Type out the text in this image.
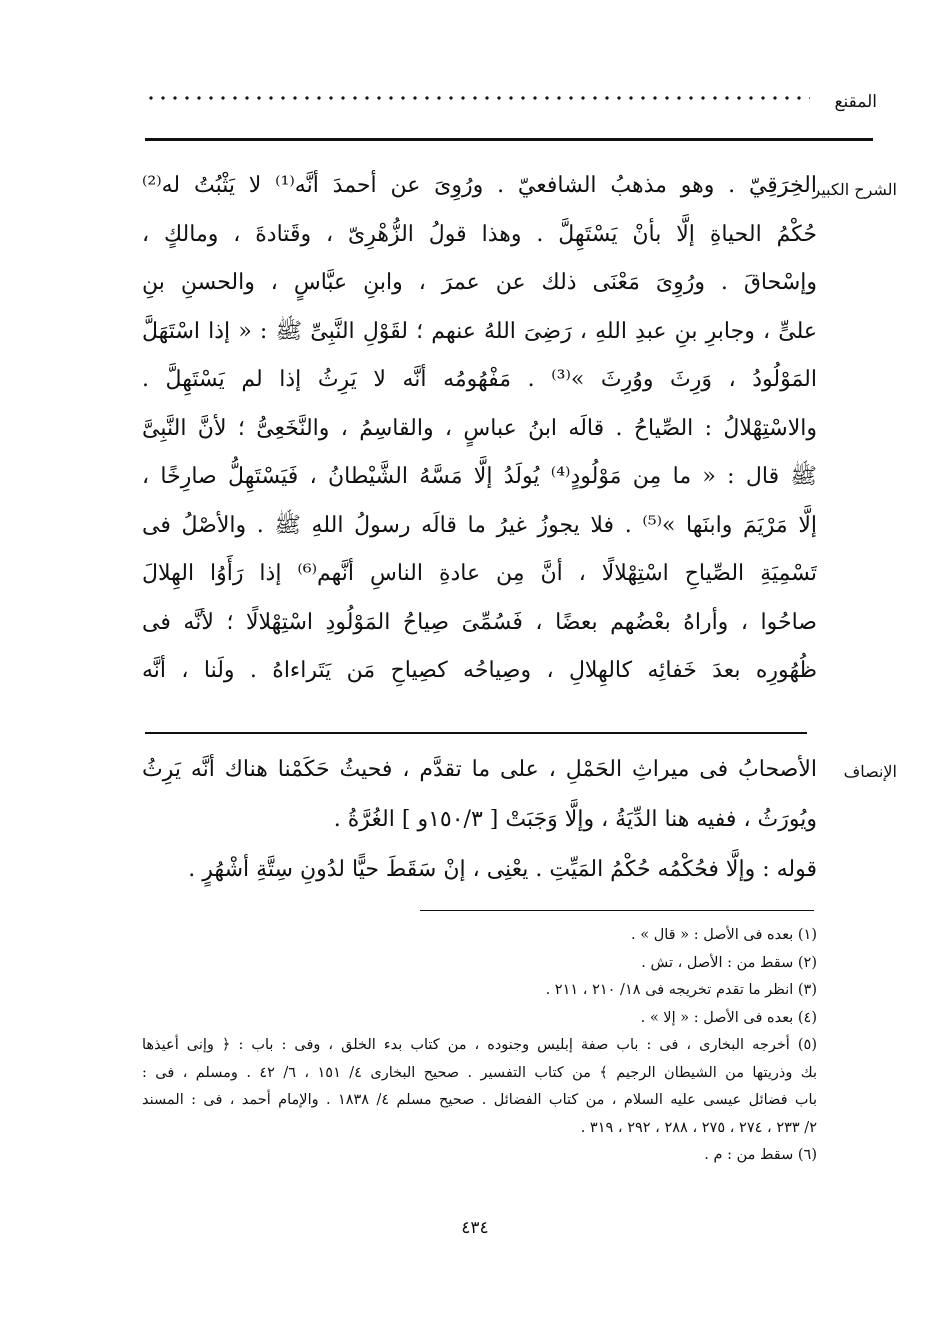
المقنع
الشرح الكبير
الخِرَقِيّ . وهو مذهبُ الشافعيّ . ورُوِىَ عن أحمدَ أنَّه⁽¹⁾ لا يَثْبُتُ له⁽²⁾
حُكْمُ الحياةِ إلَّا بأنْ يَسْتَهِلَّ . وهذا قولُ الزُّهْرِىّ ، وقَتادةَ ، ومالكٍ ،
وإسْحاقَ . ورُوِىَ مَعْنَى ذلك عن عمرَ ، وابنِ عبَّاسٍ ، والحسنِ بنِ
علىٍّ ، وجابرِ بنِ عبدِ اللهِ ، رَضِىَ اللهُ عنهم ؛ لقَوْلِ النَّبِىِّ ﷺ : « إذا اسْتَهَلَّ
المَوْلُودُ ، وَرِثَ ووُرِثَ »⁽³⁾ . مَفْهُومُه أنَّه لا يَرِثُ إذا لم يَسْتَهِلَّ .
والاسْتِهْلالُ : الصِّياحُ . قالَه ابنُ عباسٍ ، والقاسِمُ ، والنَّخَعِىُّ ؛ لأنَّ النَّبِىَّ
ﷺ قال : « ما مِن مَوْلُودٍ⁽⁴⁾ يُولَدُ إلَّا مَسَّهُ الشَّيْطانُ ، فَيَسْتَهِلُّ صارِخًا ،
إلَّا مَرْيَمَ وابنَها »⁽⁵⁾ . فلا يجوزُ غيرُ ما قالَه رسولُ اللهِ ﷺ . والأصْلُ فى
تَسْمِيَةِ الصِّياحِ اسْتِهْلالًا ، أنَّ مِن عادةِ الناسِ أنَّهم⁽⁶⁾ إذا رَأَوُا الهِلالَ
صاحُوا ، وأراهُ بعْضُهم بعضًا ، فَسُمِّىَ صِياحُ المَوْلُودِ اسْتِهْلالًا ؛ لأنَّه فى
ظُهُورِه بعدَ خَفائِه كالهِلالِ ، وصِياحُه كصِياحِ مَن يَتَراءاهُ . ولَنا ، أنَّه
الإنصاف
الأصحابُ فى ميراثِ الحَمْلِ ، على ما تقدَّم ، فحيثُ حَكَمْنا هناك أنَّه يَرِثُ
ويُورَثُ ، ففيه هنا الدِّيَةُ ، وإلَّا وَجَبَتْ [ ١٥٠/٣و ] الغُرَّةُ .
قوله : وإلَّا فحُكْمُه حُكْمُ المَيِّتِ . يعْنِى ، إنْ سَقَطَ حيًّا لدُونِ سِتَّةِ أشْهُرٍ .
(١) بعده فى الأصل : « قال » .
(٢) سقط من : الأصل ، تش .
(٣) انظر ما تقدم تخريجه فى ١٨/ ٢١٠ ، ٢١١ .
(٤) بعده فى الأصل : « إلا » .
(٥) أخرجه البخارى ، فى : باب صفة إبليس وجنوده ، من كتاب بدء الخلق ، وفى : باب : ﴿ وإنى أعيذها
بك وذريتها من الشيطان الرجيم ﴾ من كتاب التفسير . صحيح البخارى ٤/ ١٥١ ، ٦/ ٤٢ . ومسلم ، فى :
باب فضائل عيسى عليه السلام ، من كتاب الفضائل . صحيح مسلم ٤/ ١٨٣٨ . والإمام أحمد ، فى : المسند
٢/ ٢٣٣ ، ٢٧٤ ، ٢٧٥ ، ٢٨٨ ، ٢٩٢ ، ٣١٩ .
(٦) سقط من : م .
٤٣٤
